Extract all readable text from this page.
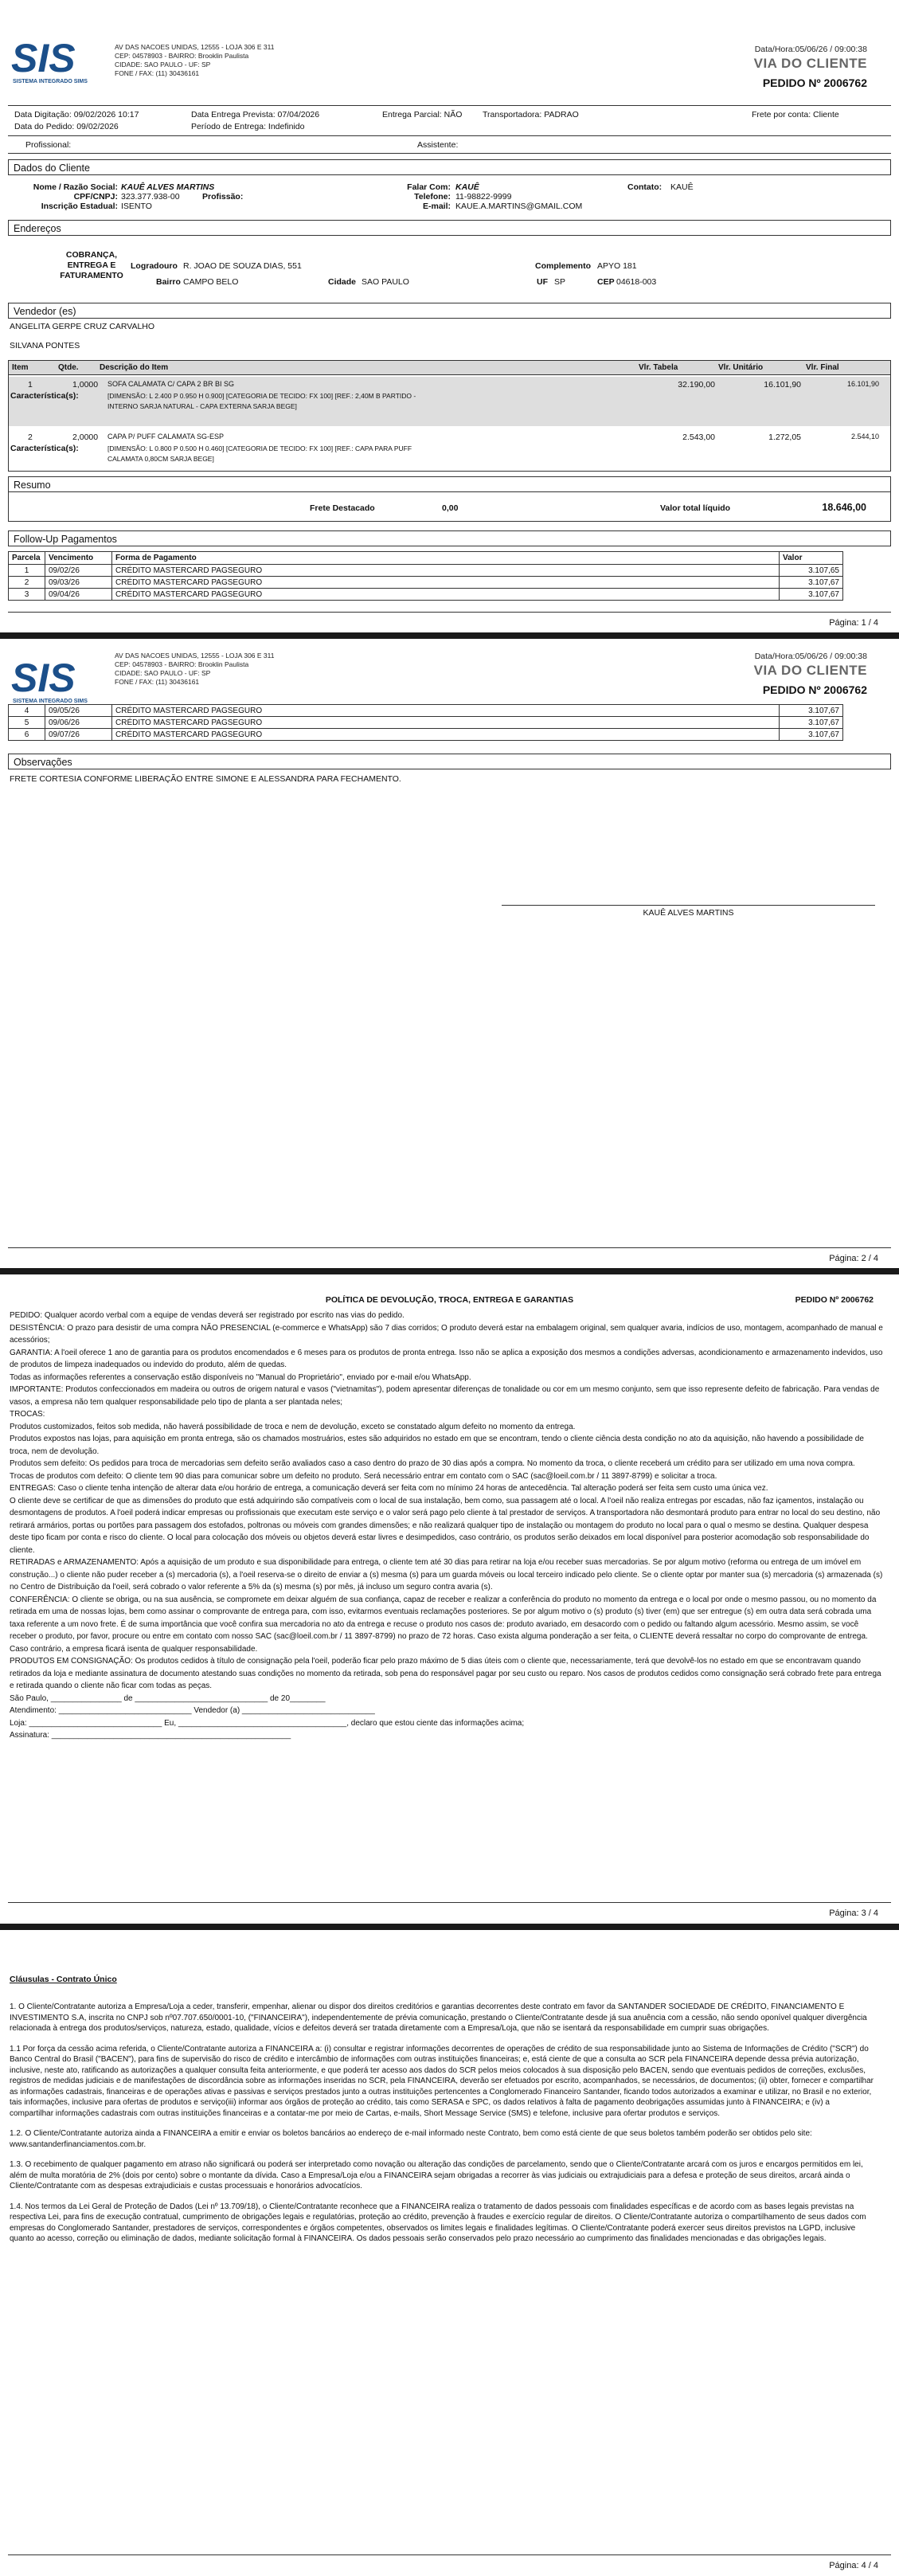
SIS
SISTEMA INTEGRADO SIMS
AV DAS NACOES UNIDAS, 12555 - LOJA 306 E 311
CEP: 04578903 - BAIRRO: Brooklin Paulista
CIDADE: SAO PAULO - UF: SP
FONE / FAX: (11) 30436161
Data/Hora:05/06/26 / 09:00:38
VIA DO CLIENTE
PEDIDO Nº 2006762
Data Digitação: 09/02/2026 10:17	Data Entrega Prevista: 07/04/2026	Entrega Parcial: NÃO Transportadora: PADRAO	Frete por conta: Cliente
Data do Pedido: 09/02/2026	Período de Entrega: Indefinido
Profissional:	Assistente:
Dados do Cliente
Nome / Razão Social: KAUÊ ALVES MARTINS
CPF/CNPJ: 323.377.938-00	Profissão:
Inscrição Estadual: ISENTO
Falar Com: KAUÊ	Contato: KAUÊ
Telefone: 11-98822-9999
E-mail: KAUE.A.MARTINS@GMAIL.COM
Endereços
COBRANÇA, ENTREGA E FATURAMENTO
Logradouro R. JOAO DE SOUZA DIAS, 551	Complemento APYO 181
Bairro CAMPO BELO	Cidade SAO PAULO	UF SP	CEP 04618-003
Vendedor (es)
ANGELITA GERPE CRUZ CARVALHO
SILVANA PONTES
Item	Qtde.	Descrição do Item	Vlr. Tabela	Vlr. Unitário	Vlr. Final
1	1,0000 SOFA CALAMATA C/ CAPA 2 BR BI SG	32.190,00	16.101,90	16.101,90
Característica(s):	[DIMENSÃO: L 2.400 P 0.950 H 0.900] [CATEGORIA DE TECIDO: FX 100] [REF.: 2,40M B PARTIDO - INTERNO SARJA NATURAL - CAPA EXTERNA SARJA BEGE]
2	2,0000 CAPA P/ PUFF CALAMATA SG-ESP	2.543,00	1.272,05	2.544,10
Característica(s):	[DIMENSÃO: L 0.800 P 0.500 H 0.460] [CATEGORIA DE TECIDO: FX 100] [REF.: CAPA PARA PUFF CALAMATA 0,80CM SARJA BEGE]
Resumo
Frete Destacado	0,00	Valor total líquido	18.646,00
Follow-Up Pagamentos
Parcela	Vencimento	Forma de Pagamento	Valor
1	09/02/26	CRÉDITO MASTERCARD PAGSEGURO	3.107,65
2	09/03/26	CRÉDITO MASTERCARD PAGSEGURO	3.107,67
3	09/04/26	CRÉDITO MASTERCARD PAGSEGURO	3.107,67
Página: 1 / 4
SIS
SISTEMA INTEGRADO SIMS
AV DAS NACOES UNIDAS, 12555 - LOJA 306 E 311
CEP: 04578903 - BAIRRO: Brooklin Paulista
CIDADE: SAO PAULO - UF: SP
FONE / FAX: (11) 30436161
Data/Hora:05/06/26 / 09:00:38
VIA DO CLIENTE
PEDIDO Nº 2006762
4	09/05/26	CRÉDITO MASTERCARD PAGSEGURO	3.107,67
5	09/06/26	CRÉDITO MASTERCARD PAGSEGURO	3.107,67
6	09/07/26	CRÉDITO MASTERCARD PAGSEGURO	3.107,67
Observações
FRETE CORTESIA CONFORME LIBERAÇÃO ENTRE SIMONE E ALESSANDRA PARA FECHAMENTO.
KAUÊ ALVES MARTINS
Página: 2 / 4
POLÍTICA DE DEVOLUÇÃO, TROCA, ENTREGA E GARANTIAS	PEDIDO Nº 2006762

PEDIDO: Qualquer acordo verbal com a equipe de vendas deverá ser registrado por escrito nas vias do pedido.

DESISTÊNCIA: O prazo para desistir de uma compra NÃO PRESENCIAL (e-commerce e WhatsApp) são 7 dias corridos; O produto deverá estar na embalagem original, sem qualquer avaria, indícios de uso, montagem, acompanhado de manual e acessórios;

GARANTIA: A l'oeil oferece 1 ano de garantia para os produtos encomendados e 6 meses para os produtos de pronta entrega. Isso não se aplica a exposição dos mesmos a condições adversas, acondicionamento e armazenamento indevidos, uso de produtos de limpeza inadequados ou indevido do produto, além de quedas.

Todas as informações referentes a conservação estão disponíveis no "Manual do Proprietário", enviado por e-mail e/ou WhatsApp.

IMPORTANTE: Produtos confeccionados em madeira ou outros de origem natural e vasos ("vietnamitas"), podem apresentar diferenças de tonalidade ou cor em um mesmo conjunto, sem que isso represente defeito de fabricação. Para vendas de vasos, a empresa não tem qualquer responsabilidade pelo tipo de planta a ser plantada neles;

TROCAS:

Produtos customizados, feitos sob medida, não haverá possibilidade de troca e nem de devolução, exceto se constatado algum defeito no momento da entrega.

Produtos expostos nas lojas, para aquisição em pronta entrega, são os chamados mostruários, estes são adquiridos no estado em que se encontram, tendo o cliente ciência desta condição no ato da aquisição, não havendo a possibilidade de troca, nem de devolução.

Produtos sem defeito: Os pedidos para troca de mercadorias sem defeito serão avaliados caso a caso dentro do prazo de 30 dias após a compra. No momento da troca, o cliente receberá um crédito para ser utilizado em uma nova compra.

Trocas de produtos com defeito: O cliente tem 90 dias para comunicar sobre um defeito no produto. Será necessário entrar em contato com o SAC (sac@loeil.com.br / 11 3897-8799) e solicitar a troca.

ENTREGAS: Caso o cliente tenha intenção de alterar data e/ou horário de entrega, a comunicação deverá ser feita com no mínimo 24 horas de antecedência. Tal alteração poderá ser feita sem custo uma única vez.

O cliente deve se certificar de que as dimensões do produto que está adquirindo são compatíveis com o local de sua instalação, bem como, sua passagem até o local. A l'oeil não realiza entregas por escadas, não faz içamentos, instalação ou desmontagens de produtos. A l'oeil poderá indicar empresas ou profissionais que executam este serviço e o valor será pago pelo cliente à tal prestador de serviços. A transportadora não desmontará produto para entrar no local do seu destino, não retirará armários, portas ou portões para passagem dos estofados, poltronas ou móveis com grandes dimensões; e não realizará qualquer tipo de instalação ou montagem do produto no local para o qual o mesmo se destina. Qualquer despesa deste tipo ficam por conta e risco do cliente. O local para colocação dos móveis ou objetos deverá estar livres e desimpedidos, caso contrário, os produtos serão deixados em local disponível para posterior acomodação sob responsabilidade do cliente.

RETIRADAS e ARMAZENAMENTO: Após a aquisição de um produto e sua disponibilidade para entrega, o cliente tem até 30 dias para retirar na loja e/ou receber suas mercadorias. Se por algum motivo (reforma ou entrega de um imóvel em construção...) o cliente não puder receber a (s) mercadoria (s), a l'oeil reserva-se o direito de enviar a (s) mesma (s) para um guarda móveis ou local terceiro indicado pelo cliente. Se o cliente optar por manter sua (s) mercadoria (s) armazenada (s) no Centro de Distribuição da l'oeil, será cobrado o valor referente a 5% da (s) mesma (s) por mês, já incluso um seguro contra avaria (s).

CONFERÊNCIA: O cliente se obriga, ou na sua ausência, se compromete em deixar alguém de sua confiança, capaz de receber e realizar a conferência do produto no momento da entrega e o local por onde o mesmo passou, ou no momento da retirada em uma de nossas lojas, bem como assinar o comprovante de entrega para, com isso, evitarmos eventuais reclamações posteriores. Se por algum motivo o (s) produto (s) tiver (em) que ser entregue (s) em outra data será cobrada uma taxa referente a um novo frete. É de suma importância que você confira sua mercadoria no ato da entrega e recuse o produto nos casos de: produto avariado, em desacordo com o pedido ou faltando algum acessório. Mesmo assim, se você receber o produto, por favor, procure ou entre em contato com nosso SAC (sac@loeil.com.br / 11 3897-8799) no prazo de 72 horas. Caso exista alguma ponderação a ser feita, o CLIENTE deverá ressaltar no corpo do comprovante de entrega. Caso contrário, a empresa ficará isenta de qualquer responsabilidade.

PRODUTOS EM CONSIGNAÇÃO: Os produtos cedidos à título de consignação pela l'oeil, poderão ficar pelo prazo máximo de 5 dias úteis com o cliente que, necessariamente, terá que devolvê-los no estado em que se encontravam quando retirados da loja e mediante assinatura de documento atestando suas condições no momento da retirada, sob pena do responsável pagar por seu custo ou reparo. Nos casos de produtos cedidos como consignação será cobrado frete para entrega e retirada quando o cliente não ficar com todas as peças.

São Paulo, ________________ de ______________________________ de 20________

Atendimento: ______________________________ Vendedor (a) ______________________________

Loja: ______________________________ Eu, ______________________________________, declaro que estou ciente das informações acima;

Assinatura: ______________________________________________________

Página: 3 / 4
Cláusulas - Contrato Único

1. O Cliente/Contratante autoriza a Empresa/Loja a ceder, transferir, empenhar, alienar ou dispor dos direitos creditórios e garantias decorrentes deste contrato em favor da SANTANDER SOCIEDADE DE CRÉDITO, FINANCIAMENTO E INVESTIMENTO S.A, inscrita no CNPJ sob nº07.707.650/0001-10, ("FINANCEIRA"), independentemente de prévia comunicação, prestando o Cliente/Contratante desde já sua anuência com a cessão, não sendo oponível qualquer divergência relacionada à entrega dos produtos/serviços, natureza, estado, qualidade, vícios e defeitos deverá ser tratada diretamente com a Empresa/Loja, que não se isentará da responsabilidade em cumprir suas obrigações.

1.1 Por força da cessão acima referida, o Cliente/Contratante autoriza a FINANCEIRA a: (i) consultar e registrar informações decorrentes de operações de crédito de sua responsabilidade junto ao Sistema de Informações de Crédito ("SCR") do Banco Central do Brasil ("BACEN"), para fins de supervisão do risco de crédito e intercâmbio de informações com outras instituições financeiras; e, está ciente de que a consulta ao SCR pela FINANCEIRA depende dessa prévia autorização, inclusive, neste ato, ratificando as autorizações a qualquer consulta feita anteriormente, e que poderá ter acesso aos dados do SCR pelos meios colocados à sua disposição pelo BACEN, sendo que eventuais pedidos de correções, exclusões, registros de medidas judiciais e de manifestações de discordância sobre as informações inseridas no SCR, pela FINANCEIRA, deverão ser efetuados por escrito, acompanhados, se necessários, de documentos; (ii) obter, fornecer e compartilhar as informações cadastrais, financeiras e de operações ativas e passivas e serviços prestados junto a outras instituições pertencentes a Conglomerado Financeiro Santander, ficando todos autorizados a examinar e utilizar, no Brasil e no exterior, tais informações, inclusive para ofertas de produtos e serviço(iii) informar aos órgãos de proteção ao crédito, tais como SERASA e SPC, os dados relativos à falta de pagamento deobrigações assumidas junto à FINANCEIRA; e (iv) a compartilhar informações cadastrais com outras instituições financeiras e a contatar-me por meio de Cartas, e-mails, Short Message Service (SMS) e telefone, inclusive para ofertar produtos e serviços.

1.2. O Cliente/Contratante autoriza ainda a FINANCEIRA a emitir e enviar os boletos bancários ao endereço de e-mail informado neste Contrato, bem como está ciente de que seus boletos também poderão ser obtidos pelo site: www.santanderfinanciamentos.com.br.

1.3. O recebimento de qualquer pagamento em atraso não significará ou poderá ser interpretado como novação ou alteração das condições de parcelamento, sendo que o Cliente/Contratante arcará com os juros e encargos permitidos em lei, além de multa moratória de 2% (dois por cento) sobre o montante da dívida. Caso a Empresa/Loja e/ou a FINANCEIRA sejam obrigadas a recorrer às vias judiciais ou extrajudiciais para a defesa e proteção de seus direitos, arcará ainda o Cliente/Contratante com as despesas extrajudiciais e custas processuais e honorários advocatícios.

1.4. Nos termos da Lei Geral de Proteção de Dados (Lei nº 13.709/18), o Cliente/Contratante reconhece que a FINANCEIRA realiza o tratamento de dados pessoais com finalidades específicas e de acordo com as bases legais previstas na respectiva Lei, para fins de execução contratual, cumprimento de obrigações legais e regulatórias, proteção ao crédito, prevenção à fraudes e exercício regular de direitos. O Cliente/Contratante autoriza o compartilhamento de seus dados com empresas do Conglomerado Santander, prestadores de serviços, correspondentes e órgãos competentes, observados os limites legais e finalidades legítimas. O Cliente/Contratante poderá exercer seus direitos previstos na LGPD, inclusive quanto ao acesso, correção ou eliminação de dados, mediante solicitação formal à FINANCEIRA. Os dados pessoais serão conservados pelo prazo necessário ao cumprimento das finalidades mencionadas e das obrigações legais.

Página: 4 / 4
